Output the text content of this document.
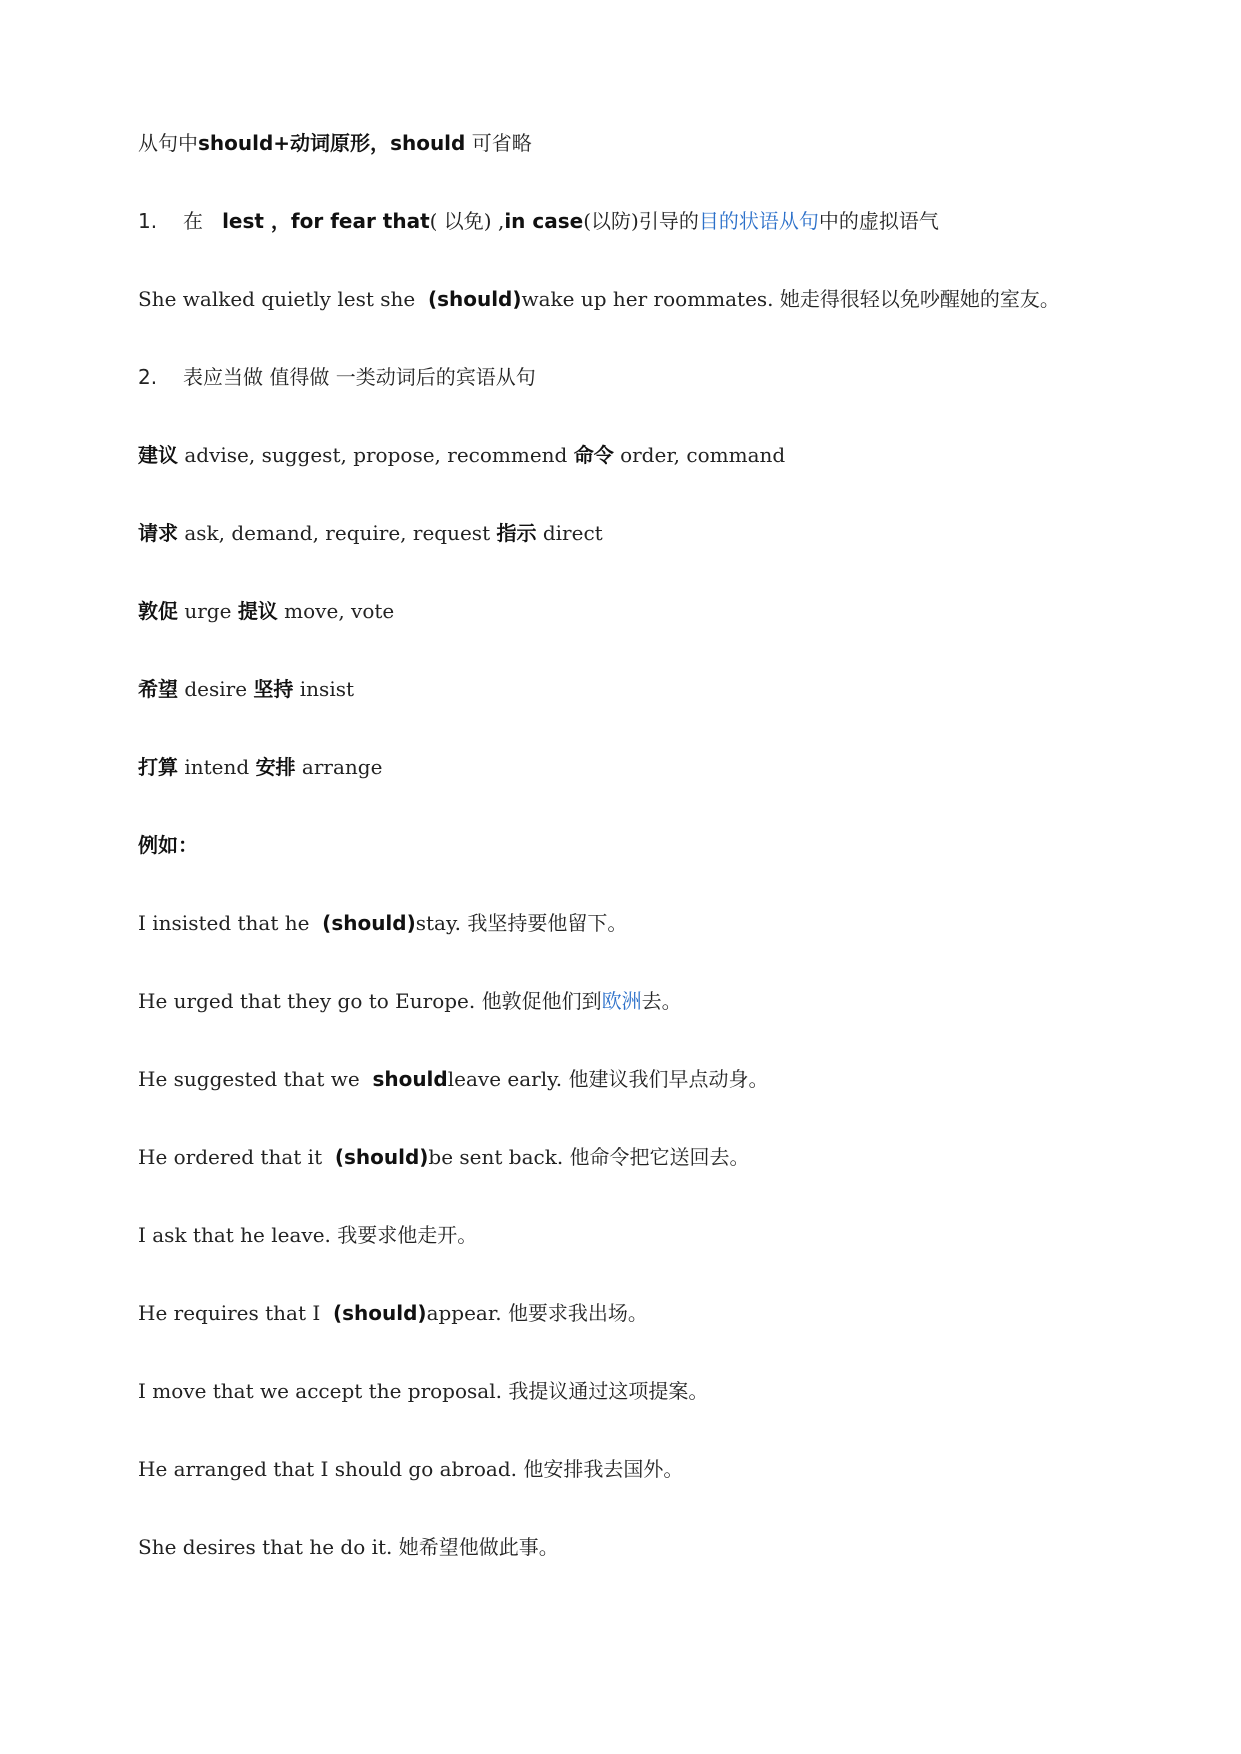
从句中should+动词原形，should 可省略
1. 在 lest ，for fear that( 以免) ,in case(以防)引导的目的状语从句中的虚拟语气
She walked quietly lest she (should)wake up her roommates. 她走得很轻以免吵醒她的室友。
2. 表应当做 值得做 一类动词后的宾语从句
建议 advise, suggest, propose, recommend 命令 order, command
请求 ask, demand, require, request 指示 direct
敦促 urge 提议 move, vote
希望 desire 坚持 insist
打算 intend 安排 arrange
例如：
I insisted that he (should)stay. 我坚持要他留下。
He urged that they go to Europe. 他敦促他们到欧洲去。
He suggested that we shouldleave early. 他建议我们早点动身。
He ordered that it (should)be sent back. 他命令把它送回去。
I ask that he leave. 我要求他走开。
He requires that I (should)appear. 他要求我出场。
I move that we accept the proposal. 我提议通过这项提案。
He arranged that I should go abroad. 他安排我去国外。
She desires that he do it. 她希望他做此事。
